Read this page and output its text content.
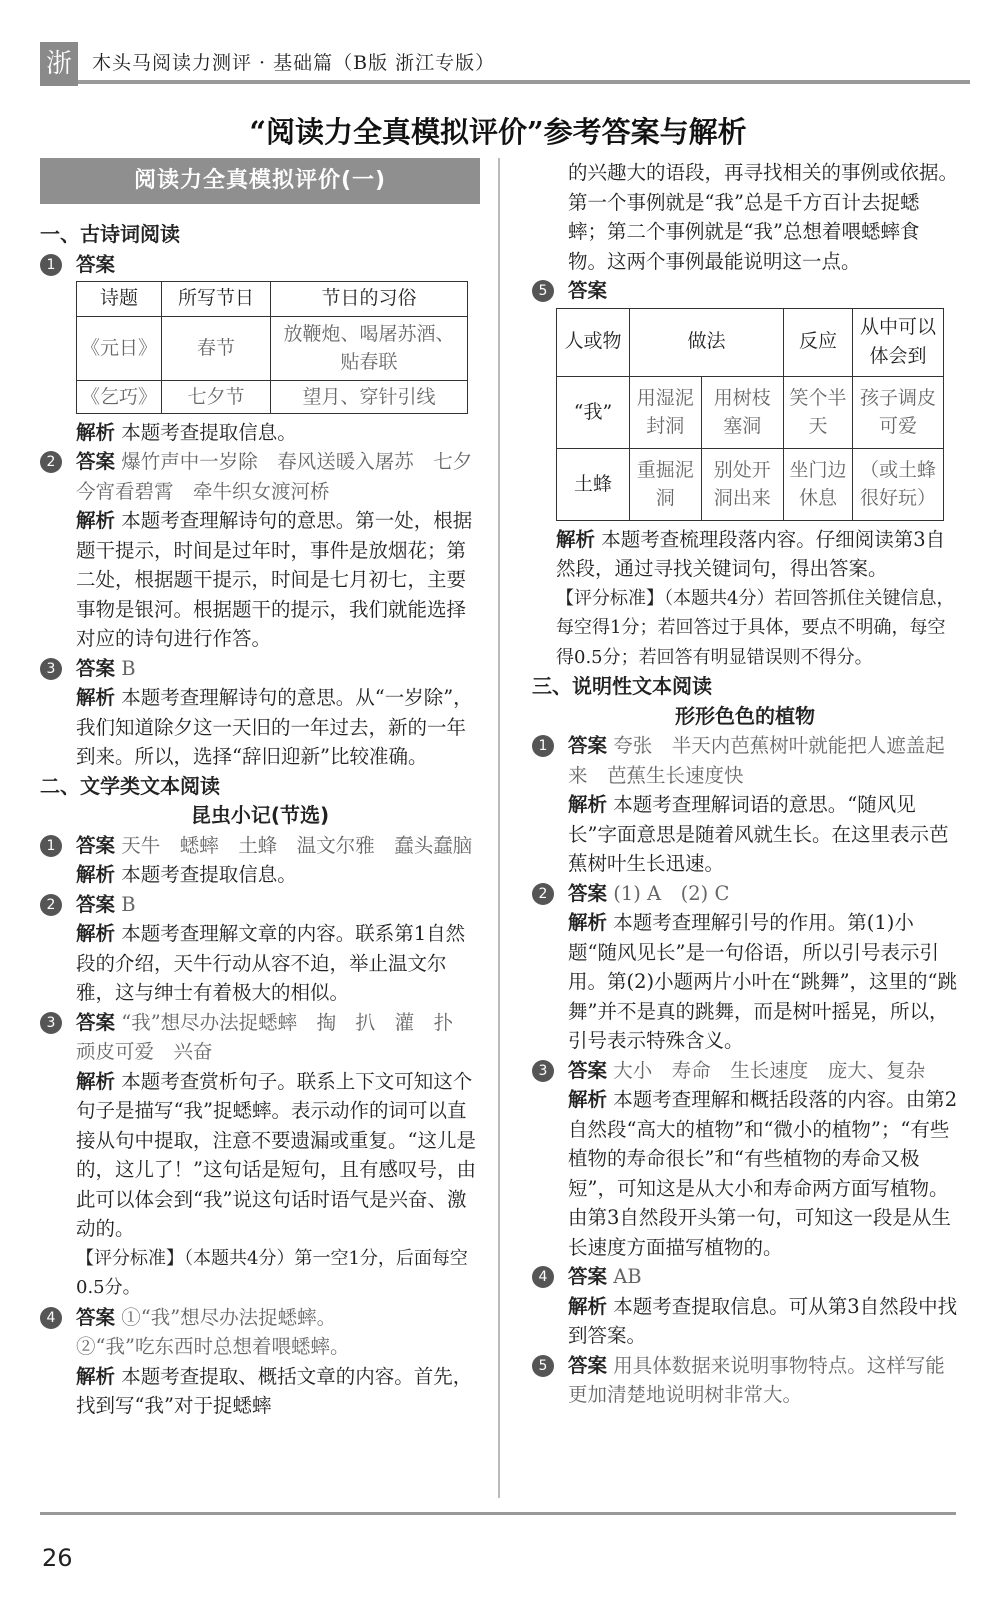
浙	木头马阅读力测评 · 基础篇（B版 浙江专版）
“阅读力全真模拟评价”参考答案与解析
阅读力全真模拟评价(一)
一、古诗词阅读
1	答案
诗题	所写节日	节日的习俗
《元日》	春节	放鞭炮、喝屠苏酒、贴春联
《乞巧》	七夕节	望月、穿针引线
解析 本题考查提取信息。
2	答案 爆竹声中一岁除　春风送暖入屠苏　七夕今宵看碧霄　牵牛织女渡河桥
解析 本题考查理解诗句的意思。第一处，根据题干提示，时间是过年时，事件是放烟花；第二处，根据题干提示，时间是七月初七，主要事物是银河。根据题干的提示，我们就能选择对应的诗句进行作答。
3	答案 B
解析 本题考查理解诗句的意思。从“一岁除”，我们知道除夕这一天旧的一年过去，新的一年到来。所以，选择“辞旧迎新”比较准确。
二、文学类文本阅读
昆虫小记(节选)
1	答案 天牛　蟋蟀　土蜂　温文尔雅　蠢头蠢脑
解析 本题考查提取信息。
2	答案 B
解析 本题考查理解文章的内容。联系第1自然段的介绍，天牛行动从容不迫，举止温文尔雅，这与绅士有着极大的相似。
3	答案 “我”想尽办法捉蟋蟀　掏　扒　灌　扑　顽皮可爱　兴奋
解析 本题考查赏析句子。联系上下文可知这个句子是描写“我”捉蟋蟀。表示动作的词可以直接从句中提取，注意不要遗漏或重复。“这儿是的，这儿了！”这句话是短句，且有感叹号，由此可以体会到“我”说这句话时语气是兴奋、激动的。
【评分标准】（本题共4分）第一空1分，后面每空0.5分。
4	答案 ①“我”想尽办法捉蟋蟀。
②“我”吃东西时总想着喂蟋蟀。
解析 本题考查提取、概括文章的内容。首先，找到写“我”对于捉蟋蟀
的兴趣大的语段，再寻找相关的事例或依据。第一个事例就是“我”总是千方百计去捉蟋蟀；第二个事例就是“我”总想着喂蟋蟀食物。这两个事例最能说明这一点。
5	答案
人或物	做法		反应	从中可以体会到
“我”	用湿泥封洞	用树枝塞洞	笑个半天	孩子调皮可爱
土蜂	重掘泥洞	别处开洞出来	坐门边休息	（或土蜂很好玩）
解析 本题考查梳理段落内容。仔细阅读第3自然段，通过寻找关键词句，得出答案。
【评分标准】（本题共4分）若回答抓住关键信息，每空得1分；若回答过于具体，要点不明确，每空得0.5分；若回答有明显错误则不得分。
三、说明性文本阅读
形形色色的植物
1	答案 夸张　半天内芭蕉树叶就能把人遮盖起来　芭蕉生长速度快
解析 本题考查理解词语的意思。“随风见长”字面意思是随着风就生长。在这里表示芭蕉树叶生长迅速。
2	答案 (1) A　(2) C
解析 本题考查理解引号的作用。第(1)小题“随风见长”是一句俗语，所以引号表示引用。第(2)小题两片小叶在“跳舞”，这里的“跳舞”并不是真的跳舞，而是树叶摇晃，所以，引号表示特殊含义。
3	答案 大小　寿命　生长速度　庞大、复杂
解析 本题考查理解和概括段落的内容。由第2自然段“高大的植物”和“微小的植物”；“有些植物的寿命很长”和“有些植物的寿命又极短”，可知这是从大小和寿命两方面写植物。由第3自然段开头第一句，可知这一段是从生长速度方面描写植物的。
4	答案 AB
解析 本题考查提取信息。可从第3自然段中找到答案。
5	答案 用具体数据来说明事物特点。这样写能更加清楚地说明树非常大。
26
